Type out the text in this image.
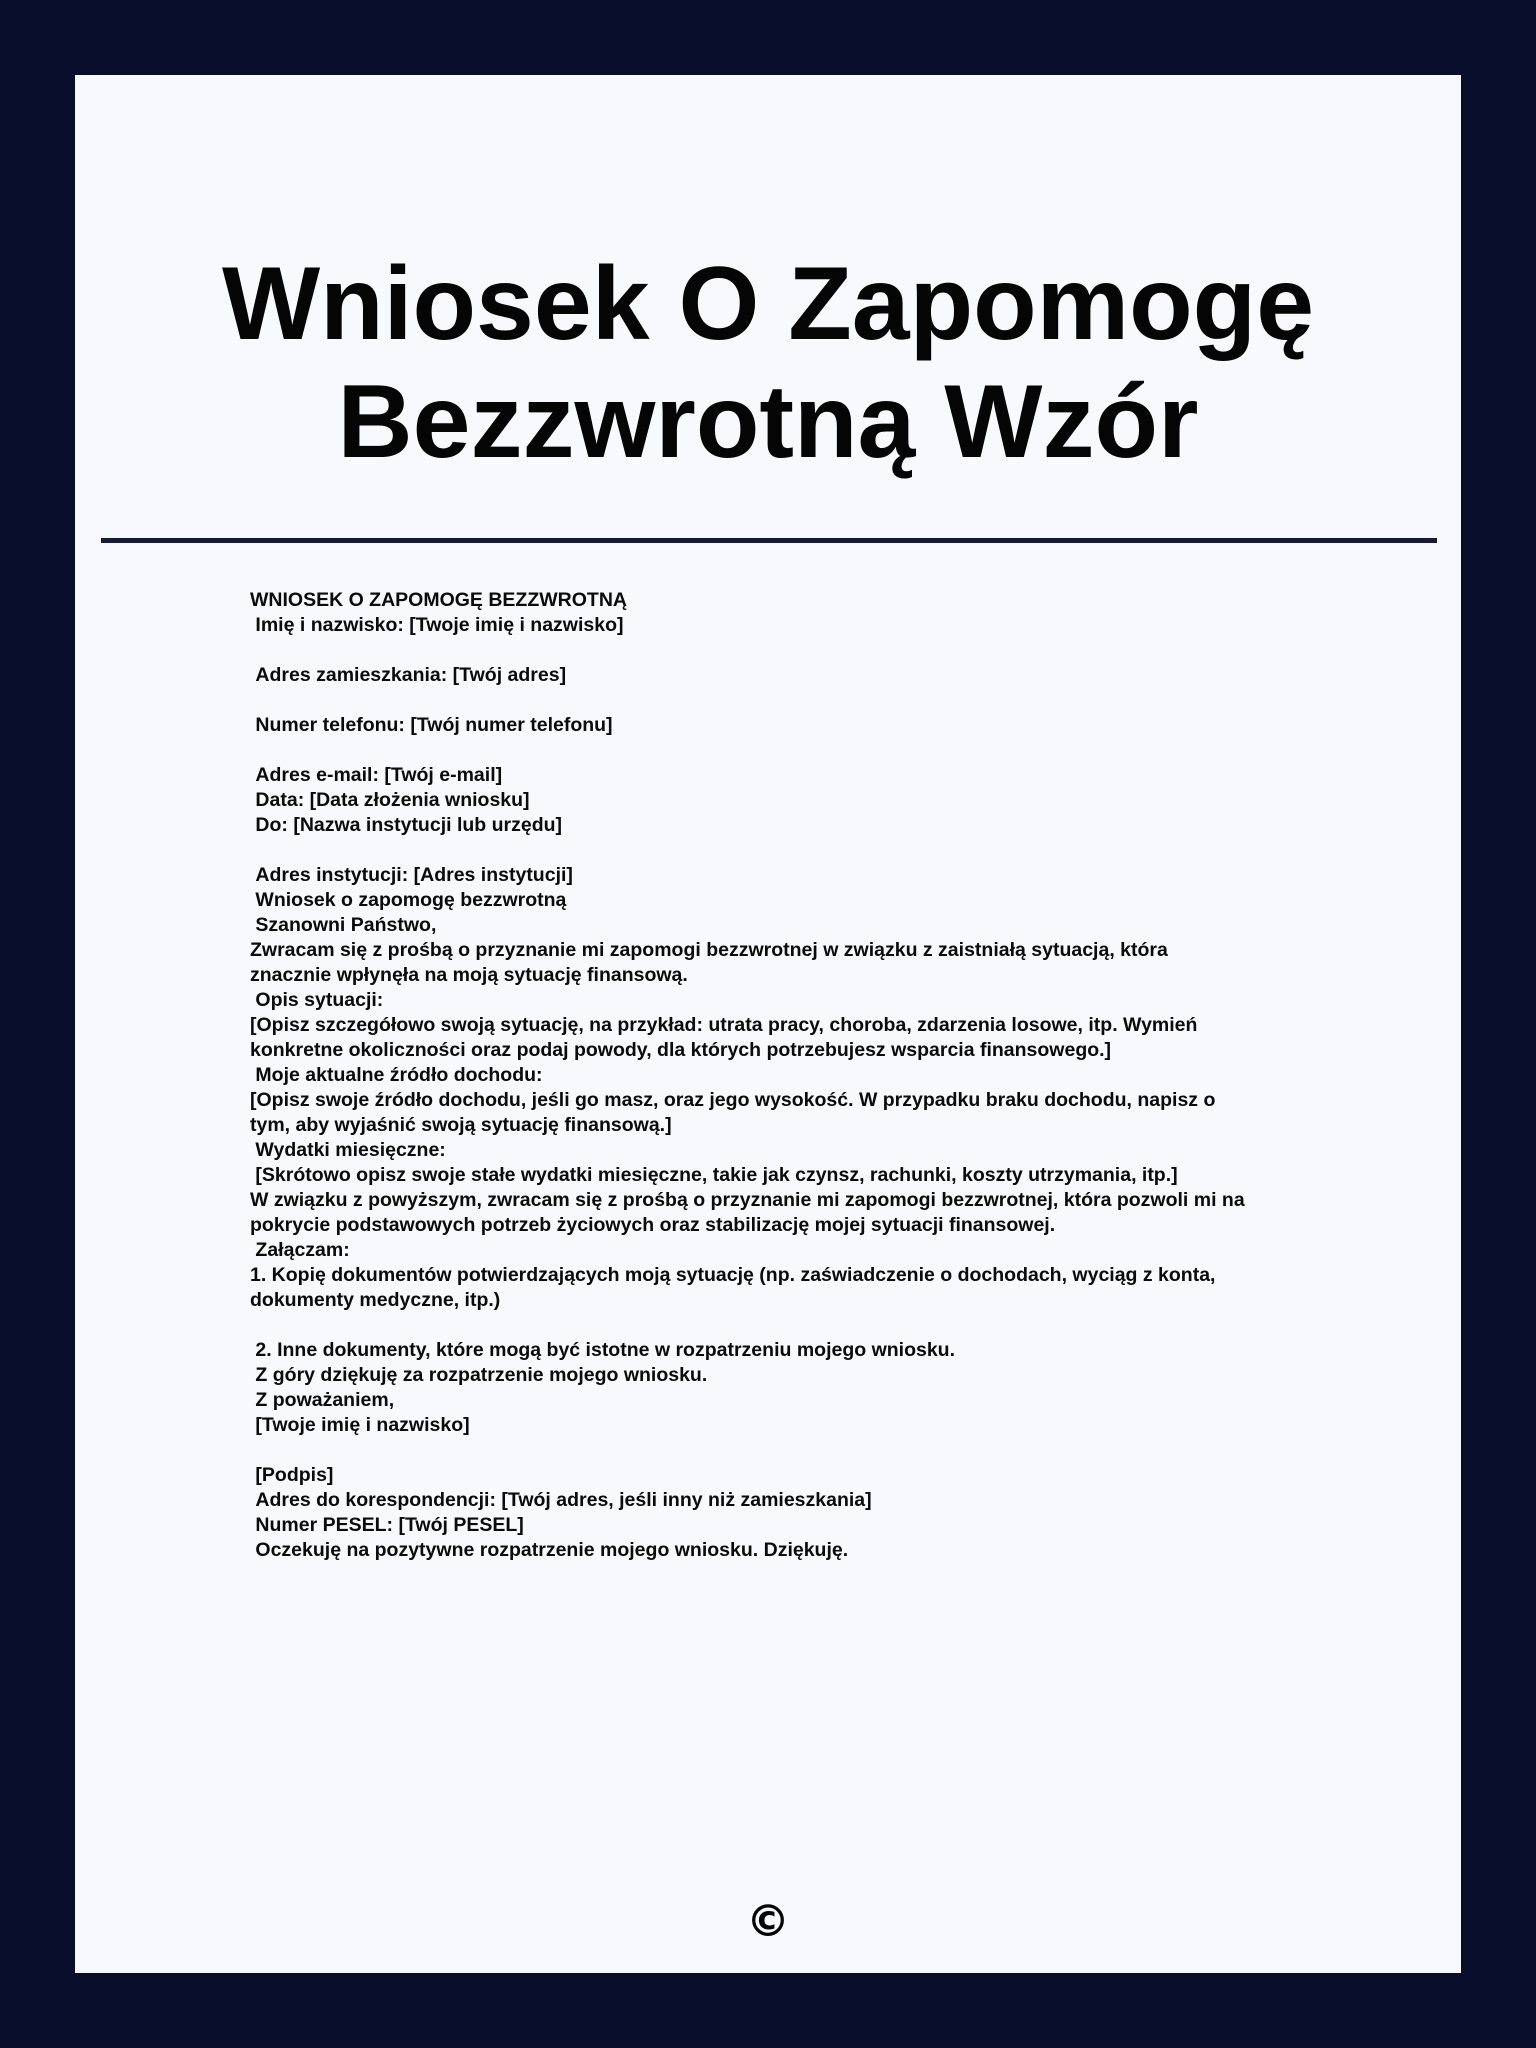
Wniosek O Zapomogę
Bezzwrotną Wzór
WNIOSEK O ZAPOMOGĘ BEZZWROTNĄ
Imię i nazwisko: [Twoje imię i nazwisko]
Adres zamieszkania: [Twój adres]
Numer telefonu: [Twój numer telefonu]
Adres e-mail: [Twój e-mail]
Data: [Data złożenia wniosku]
Do: [Nazwa instytucji lub urzędu]
Adres instytucji: [Adres instytucji]
Wniosek o zapomogę bezzwrotną
Szanowni Państwo,
Zwracam się z prośbą o przyznanie mi zapomogi bezzwrotnej w związku z zaistniałą sytuacją, która
znacznie wpłynęła na moją sytuację finansową.
Opis sytuacji:
[Opisz szczegółowo swoją sytuację, na przykład: utrata pracy, choroba, zdarzenia losowe, itp. Wymień
konkretne okoliczności oraz podaj powody, dla których potrzebujesz wsparcia finansowego.]
Moje aktualne źródło dochodu:
[Opisz swoje źródło dochodu, jeśli go masz, oraz jego wysokość. W przypadku braku dochodu, napisz o
tym, aby wyjaśnić swoją sytuację finansową.]
Wydatki miesięczne:
[Skrótowo opisz swoje stałe wydatki miesięczne, takie jak czynsz, rachunki, koszty utrzymania, itp.]
W związku z powyższym, zwracam się z prośbą o przyznanie mi zapomogi bezzwrotnej, która pozwoli mi na
pokrycie podstawowych potrzeb życiowych oraz stabilizację mojej sytuacji finansowej.
Załączam:
1. Kopię dokumentów potwierdzających moją sytuację (np. zaświadczenie o dochodach, wyciąg z konta,
dokumenty medyczne, itp.)
2. Inne dokumenty, które mogą być istotne w rozpatrzeniu mojego wniosku.
Z góry dziękuję za rozpatrzenie mojego wniosku.
Z poważaniem,
[Twoje imię i nazwisko]
[Podpis]
Adres do korespondencji: [Twój adres, jeśli inny niż zamieszkania]
Numer PESEL: [Twój PESEL]
Oczekuję na pozytywne rozpatrzenie mojego wniosku. Dziękuję.
©
